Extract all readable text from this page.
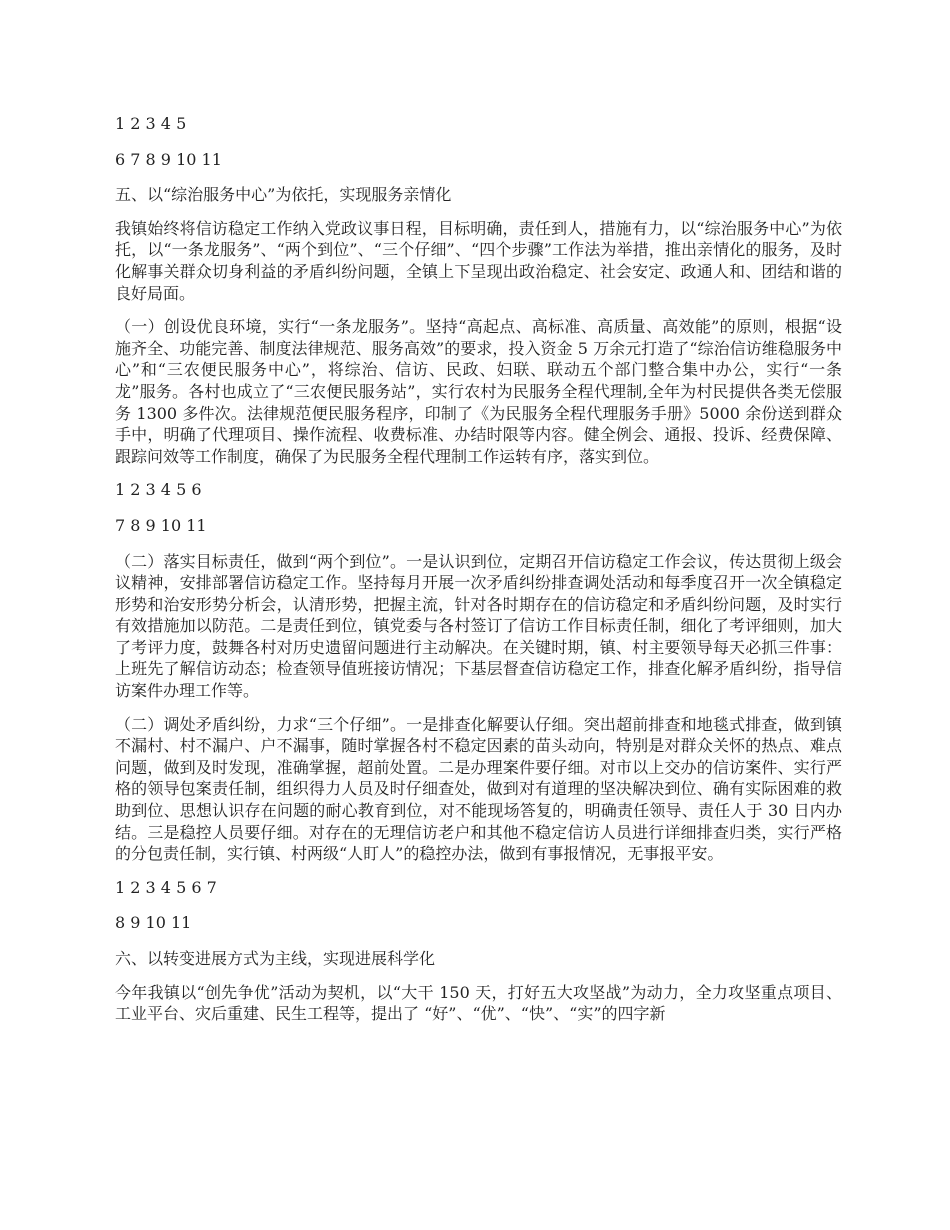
1 2 3 4 5

6 7 8 9 10 11

五、以“综治服务中心”为依托，实现服务亲情化

我镇始终将信访稳定工作纳入党政议事日程，目标明确，责任到人，措施有力，以“综治服务中心”为依托，以“一条龙服务”、“两个到位”、“三个仔细”、“四个步骤”工作法为举措，推出亲情化的服务，及时化解事关群众切身利益的矛盾纠纷问题，全镇上下呈现出政治稳定、社会安定、政通人和、团结和谐的良好局面。

（一）创设优良环境，实行“一条龙服务”。坚持“高起点、高标准、高质量、高效能”的原则，根据“设施齐全、功能完善、制度法律规范、服务高效”的要求，投入资金 5 万余元打造了“综治信访维稳服务中心”和“三农便民服务中心”，将综治、信访、民政、妇联、联动五个部门整合集中办公，实行“一条龙”服务。各村也成立了“三农便民服务站”，实行农村为民服务全程代理制,全年为村民提供各类无偿服务 1300 多件次。法律规范便民服务程序，印制了《为民服务全程代理服务手册》5000 余份送到群众手中，明确了代理项目、操作流程、收费标准、办结时限等内容。健全例会、通报、投诉、经费保障、跟踪问效等工作制度，确保了为民服务全程代理制工作运转有序，落实到位。

1 2 3 4 5 6

7 8 9 10 11

（二）落实目标责任，做到“两个到位”。一是认识到位，定期召开信访稳定工作会议，传达贯彻上级会议精神，安排部署信访稳定工作。坚持每月开展一次矛盾纠纷排查调处活动和每季度召开一次全镇稳定形势和治安形势分析会，认清形势，把握主流，针对各时期存在的信访稳定和矛盾纠纷问题，及时实行有效措施加以防范。二是责任到位，镇党委与各村签订了信访工作目标责任制，细化了考评细则，加大了考评力度，鼓舞各村对历史遗留问题进行主动解决。在关键时期，镇、村主要领导每天必抓三件事：上班先了解信访动态；检查领导值班接访情况；下基层督查信访稳定工作，排查化解矛盾纠纷，指导信访案件办理工作等。

（二）调处矛盾纠纷，力求“三个仔细”。一是排查化解要认仔细。突出超前排查和地毯式排查，做到镇不漏村、村不漏户、户不漏事，随时掌握各村不稳定因素的苗头动向，特别是对群众关怀的热点、难点问题，做到及时发现，准确掌握，超前处置。二是办理案件要仔细。对市以上交办的信访案件、实行严格的领导包案责任制，组织得力人员及时仔细查处，做到对有道理的坚决解决到位、确有实际困难的救助到位、思想认识存在问题的耐心教育到位，对不能现场答复的，明确责任领导、责任人于 30 日内办结。三是稳控人员要仔细。对存在的无理信访老户和其他不稳定信访人员进行详细排查归类，实行严格的分包责任制，实行镇、村两级“人盯人”的稳控办法，做到有事报情况，无事报平安。

1 2 3 4 5 6 7

8 9 10 11

六、以转变进展方式为主线，实现进展科学化

今年我镇以“创先争优”活动为契机，以“大干 150 天，打好五大攻坚战”为动力，全力攻坚重点项目、工业平台、灾后重建、民生工程等，提出了 “好”、“优”、“快”、“实”的四字新
